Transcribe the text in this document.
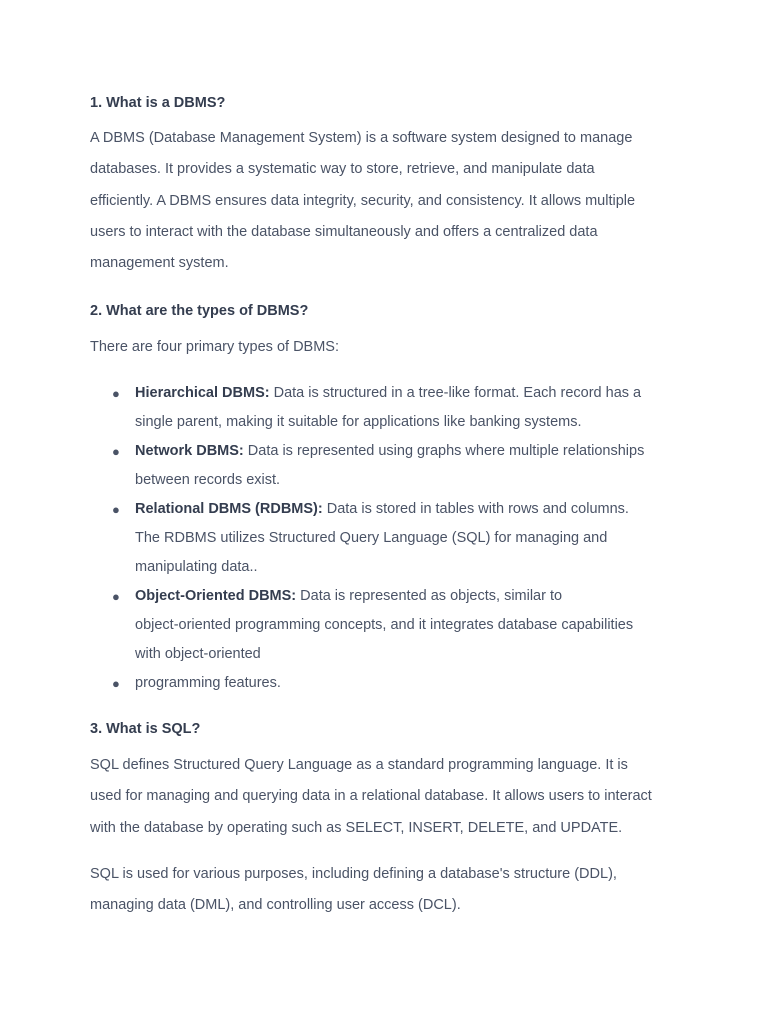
1. What is a DBMS?

A DBMS (Database Management System) is a software system designed to manage
databases. It provides a systematic way to store, retrieve, and manipulate data
efficiently. A DBMS ensures data integrity, security, and consistency. It allows multiple
users to interact with the database simultaneously and offers a centralized data
management system.

2. What are the types of DBMS?

There are four primary types of DBMS:

● Hierarchical DBMS: Data is structured in a tree-like format. Each record has a
single parent, making it suitable for applications like banking systems.
● Network DBMS: Data is represented using graphs where multiple relationships
between records exist.
● Relational DBMS (RDBMS): Data is stored in tables with rows and columns.
The RDBMS utilizes Structured Query Language (SQL) for managing and
manipulating data..
● Object-Oriented DBMS: Data is represented as objects, similar to
object-oriented programming concepts, and it integrates database capabilities
with object-oriented
● programming features.
3. What is SQL?

SQL defines Structured Query Language as a standard programming language. It is
used for managing and querying data in a relational database. It allows users to interact
with the database by operating such as SELECT, INSERT, DELETE, and UPDATE.

SQL is used for various purposes, including defining a database's structure (DDL),
managing data (DML), and controlling user access (DCL).
